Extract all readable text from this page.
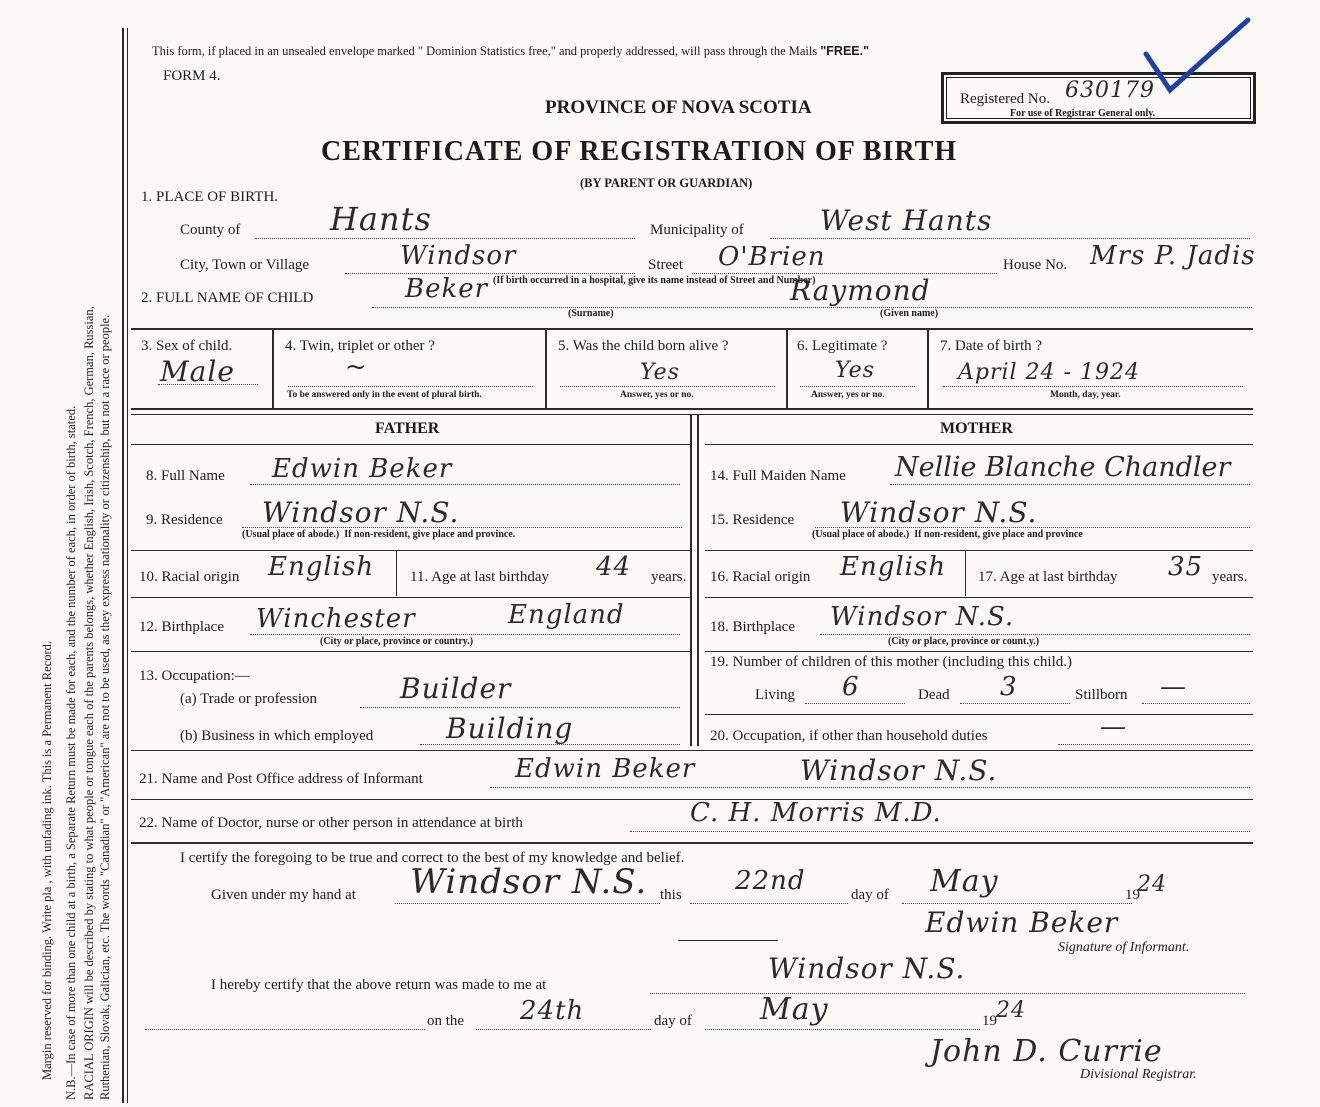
Ruthenian, Slovak, Galician, etc. The words "Canadian" or "American" are not to be used, as they express nationality or citizenship, but not a race or people.
RACIAL ORIGIN will be described by stating to what people or tongue each of the parents belongs, whether English, Irish, Scotch, French, German, Russian,
N.B.—In case of more than one child at a birth, a Separate Return must be made for each, and the number of each, in order of birth, stated.
Margin reserved for binding. Write pla , with unfading ink. This is a Permanent Record.
This form, if placed in an unsealed envelope marked " Dominion Statistics free," and properly addressed, will pass through the Mails "FREE."
FORM 4.
PROVINCE OF NOVA SCOTIA
CERTIFICATE OF REGISTRATION OF BIRTH
(BY PARENT OR GUARDIAN)
Registered No. 630179
For use of Registrar General only.
1. PLACE OF BIRTH.
County of	Hants	Municipality of	West Hants
City, Town or Village	Windsor	Street O'Brien
(If birth occurred in a hospital, give its name instead of Street and Number)
House No. Mrs P. Jadis
2. FULL NAME OF CHILD	Beker
(Surname)
Raymond
(Given name)
3. Sex of child.
Male
4. Twin, triplet or other ?
~
To be answered only in the event of plural birth.
5. Was the child born alive ?
Yes
Answer, yes or no.
6. Legitimate ?
Yes
Answer, yes or no.
7. Date of birth ?
April 24 - 1924
Month, day, year.
FATHER	MOTHER
8. Full Name Edwin Beker
9. Residence Windsor N.S.
(Usual place of abode.) If non-resident, give place and province.
10. Racial origin English 11. Age at last birthday 44 years.
12. Birthplace Winchester	England
(City or place, province or country.)
13. Occupation:—
(a) Trade or profession	Builder
(b) Business in which employed	Building
14. Full Maiden Name Nellie Blanche Chandler
15. Residence Windsor N.S.
(Usual place of abode.) If non-resident, give place and province
16. Racial origin English 17. Age at last birthday 35 years.
18. Birthplace Windsor N.S.
(City or place, province or count.y.)
19. Number of children of this mother (including this child.)
Living 6	Dead 3	Stillborn —
20. Occupation, if other than household duties	—
21. Name and Post Office address of Informant	Edwin Beker	Windsor N.S.
22. Name of Doctor, nurse or other person in attendance at birth	C. H. Morris M.D.
I certify the foregoing to be true and correct to the best of my knowledge and belief.
Given under my hand at Windsor N.S. this 22nd	day of May	19
24
Edwin Beker
Signature of Informant.
I hereby certify that the above return was made to me at	Windsor N.S.
on the 24th	day of May	19 24
John D. Currie
Divisional Registrar.
